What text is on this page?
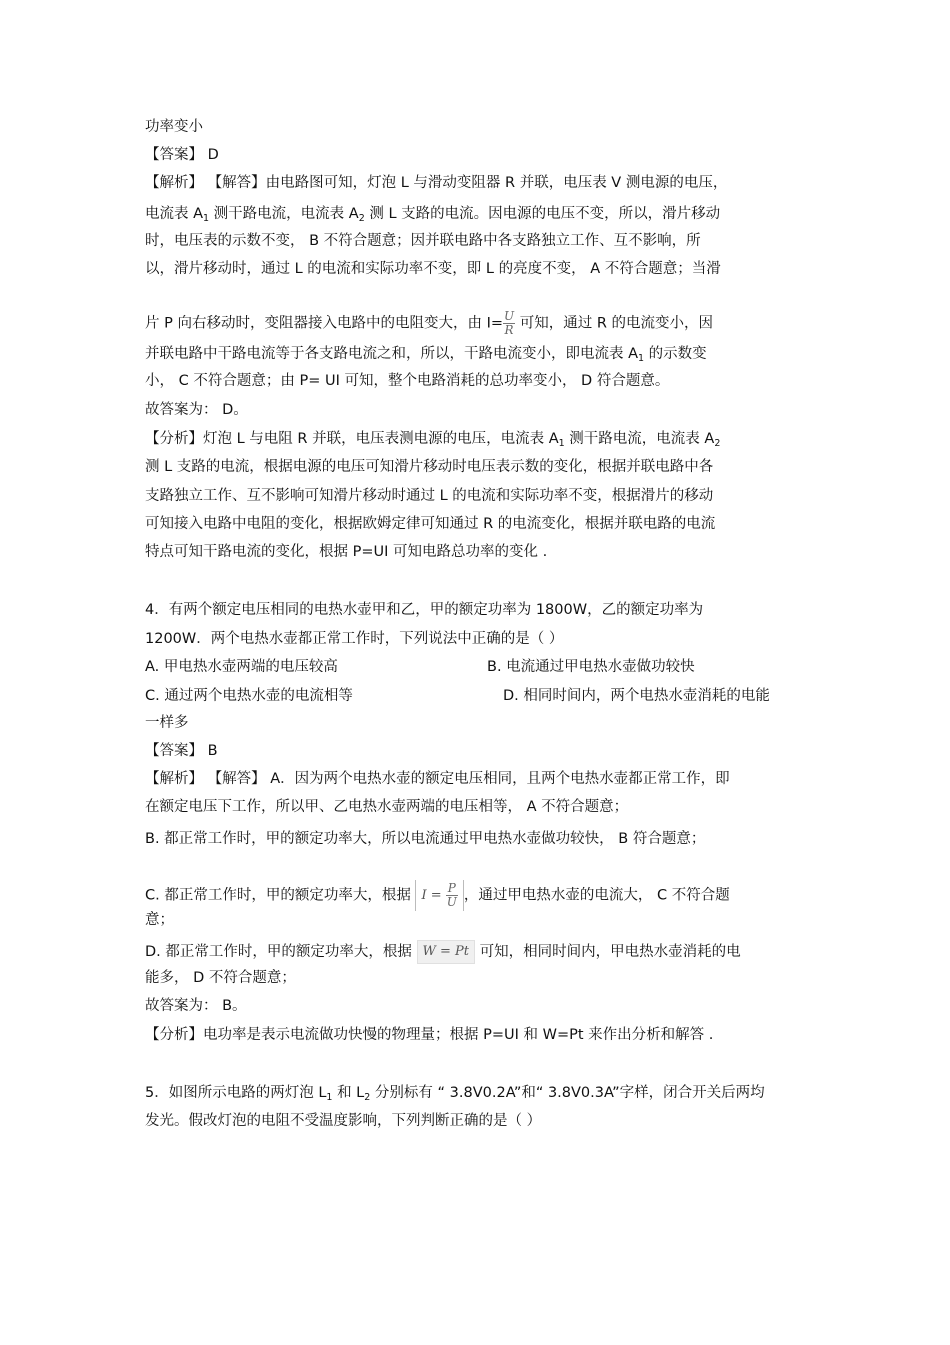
功率变小
【答案】 D
【解析】 【解答】由电路图可知，灯泡 L 与滑动变阻器 R 并联，电压表 V 测电源的电压，
电流表 $A_1$ 测干路电流，电流表 $A_2$ 测 L 支路的电流。因电源的电压不变，所以，滑片移动
时，电压表的示数不变， B 不符合题意；因并联电路中各支路独立工作、互不影响，所
以，滑片移动时，通过 L 的电流和实际功率不变，即 L 的亮度不变， A 不符合题意；当滑
片 P 向右移动时，变阻器接入电路中的电阻变大，由 $I= \frac{U}{R}$ 可知，通过 R 的电流变小，因
并联电路中干路电流等于各支路电流之和，所以，干路电流变小，即电流表 $A_1$ 的示数变
小， C 不符合题意；由 P= UI 可知，整个电路消耗的总功率变小， D 符合题意。
故答案为： D。
【分析】灯泡 L 与电阻 R 并联，电压表测电源的电压，电流表 $A_1$ 测干路电流，电流表 $A_2$
测 L 支路的电流，根据电源的电压可知滑片移动时电压表示数的变化，根据并联电路中各
支路独立工作、互不影响可知滑片移动时通过 L 的电流和实际功率不变，根据滑片的移动
可知接入电路中电阻的变化，根据欧姆定律可知通过 R 的电流变化，根据并联电路的电流
特点可知干路电流的变化，根据 P=UI 可知电路总功率的变化 .
4．有两个额定电压相同的电热水壶甲和乙，甲的额定功率为 1800W，乙的额定功率为
1200W．两个电热水壶都正常工作时，下列说法中正确的是（ ）
A. 甲电热水壶两端的电压较高	B. 电流通过甲电热水壶做功较快
C. 通过两个电热水壶的电流相等	D. 相同时间内，两个电热水壶消耗的电能
一样多
【答案】 B
【解析】 【解答】 A．因为两个电热水壶的额定电压相同，且两个电热水壶都正常工作，即
在额定电压下工作，所以甲、乙电热水壶两端的电压相等， A 不符合题意；
B. 都正常工作时，甲的额定功率大，所以电流通过甲电热水壶做功较快， B 符合题意；
C. 都正常工作时，甲的额定功率大，根据 $I = \frac{P}{U}$ ，通过甲电热水壶的电流大， C 不符合题
意；
D. 都正常工作时，甲的额定功率大，根据 W = Pt 可知，相同时间内，甲电热水壶消耗的电
能多， D 不符合题意；
故答案为： B。
【分析】电功率是表示电流做功快慢的物理量；根据 P=UI 和 W=Pt 来作出分析和解答 .
5．如图所示电路的两灯泡 $L_1$ 和 $L_2$ 分别标有 “ 3.8V0.2A”和“ 3.8V0.3A”字样，闭合开关后两均
发光。假改灯泡的电阻不受温度影响，下列判断正确的是（ ）
